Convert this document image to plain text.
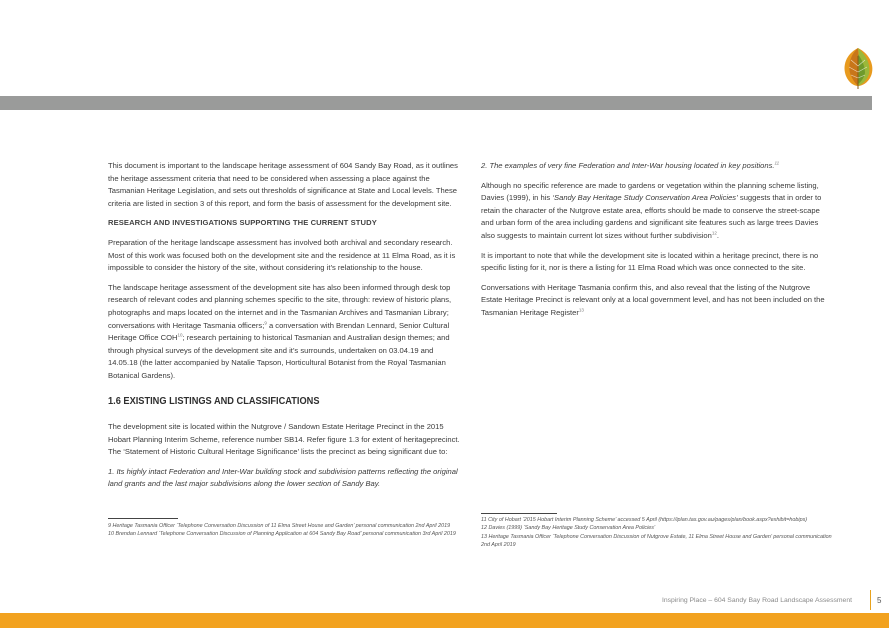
This document is important to the landscape heritage assessment of 604 Sandy Bay Road, as it outlines the heritage assessment criteria that need to be considered when assessing a place against the Tasmanian Heritage Legislation, and sets out thresholds of significance at State and Local levels. These criteria are listed in section 3 of this report, and form the basis of assessment for the development site.

RESEARCH AND INVESTIGATIONS SUPPORTING THE CURRENT STUDY

Preparation of the heritage landscape assessment has involved both archival and secondary research. Most of this work was focused both on the development site and the residence at 11 Elma Road, as it is impossible to consider the history of the site, without considering it’s relationship to the house.

The landscape heritage assessment of the development site has also been informed through desk top research of relevant codes and planning schemes specific to the site, through: review of historic plans, photographs and maps located on the internet and in the Tasmanian Archives and Tasmanian Library; conversations with Heritage Tasmania officers;$^9$ a conversation with Brendan Lennard, Senior Cultural Heritage Office COH$^{10}$; research pertaining to historical Tasmanian and Australian design themes; and through physical surveys of the development site and it’s surrounds, undertaken on 03.04.19 and 14.05.18 (the latter accompanied by Natalie Tapson, Horticultural Botanist from the Royal Tasmanian Botanical Gardens).

1.6 EXISTING LISTINGS AND CLASSIFICATIONS

The development site is located within the Nutgrove / Sandown Estate Heritage Precinct in the 2015 Hobart Planning Interim Scheme, reference number SB14. Refer figure 1.3 for extent of heritageprecinct. The ‘Statement of Historic Cultural Heritage Significance’ lists the precinct as being significant due to:

1. Its highly intact Federation and Inter-War building stock and subdivision patterns reflecting the original land grants and the last major subdivisions along the lower section of Sandy Bay.

9 Heritage Tasmania Officer ‘Telephone Conversation Discussion of 11 Elma Street House and Garden’ personal communication 2nd April 2019
10 Brendan Lennard ‘Telephone Conversation Discussion of Planning Application at 604 Sandy Bay Road’ personal communication 3rd April 2019

2. The examples of very fine Federation and Inter-War housing located in key positions.$^{11}$

Although no specific reference are made to gardens or vegetation within the planning scheme listing, Davies (1999), in his ‘Sandy Bay Heritage Study Conservation Area Policies’ suggests that in order to retain the character of the Nutgrove estate area, efforts should be made to conserve the street-scape and urban form of the area including gardens and significant site features such as large trees Davies also suggests to maintain current lot sizes without further subdivision$^{12}$.

It is important to note that while the development site is located within a heritage precinct, there is no specific listing for it, nor is there a listing for 11 Elma Road which was once connected to the site.

Conversations with Heritage Tasmania confirm this, and also reveal that the listing of the Nutgrove Estate Heritage Precinct is relevant only at a local government level, and has not been included on the Tasmanian Heritage Register$^{13}$

11 City of Hobart ‘2015 Hobart Interim Planning Scheme’ accessed 5 April (https://iplan.tas.gov.au/pages/plan/book.aspx?exhibit=hobips)
12 Davies (1999) ‘Sandy Bay Heritage Study Conservation Area Policies’
13 Heritage Tasmania Officer ‘Telephone Conversation Discussion of Nutgrove Estate, 11 Elma Street House and Garden’ personal communication 2nd April 2019
Inspiring Place – 604 Sandy Bay Road Landscape Assessment	5
